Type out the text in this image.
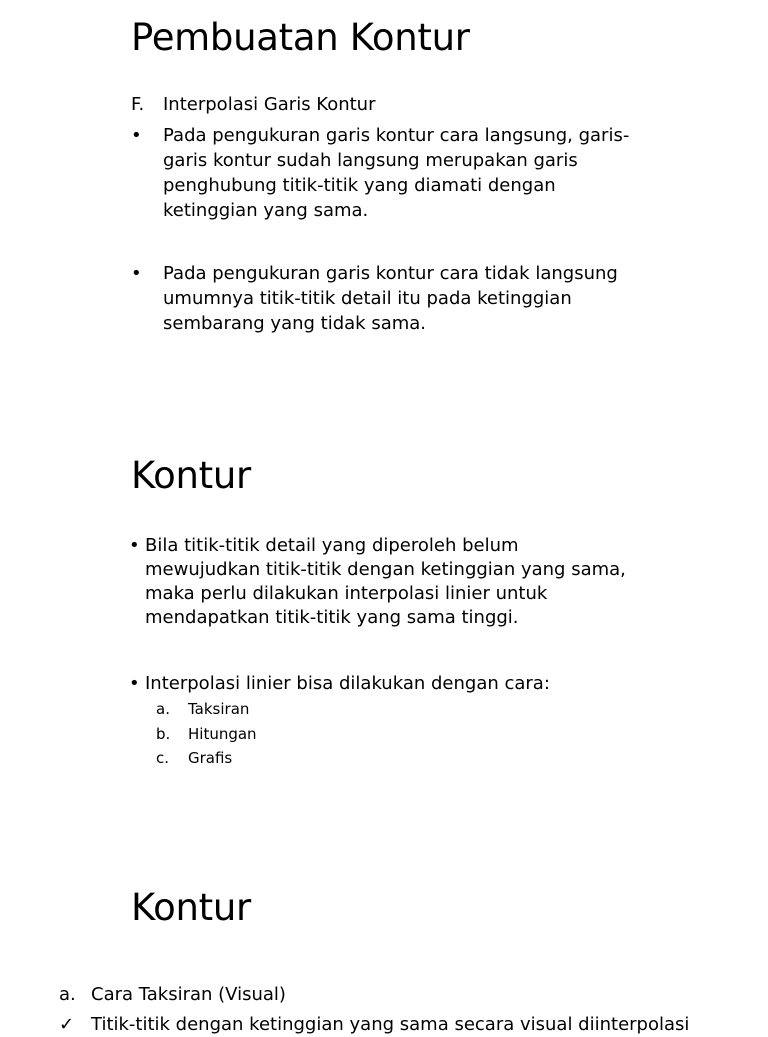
Pembuatan Kontur
F. Interpolasi Garis Kontur
• Pada pengukuran garis kontur cara langsung, garis-
garis kontur sudah langsung merupakan garis
penghubung titik-titik yang diamati dengan
ketinggian yang sama.
• Pada pengukuran garis kontur cara tidak langsung
umumnya titik-titik detail itu pada ketinggian
sembarang yang tidak sama.
Kontur
• Bila titik-titik detail yang diperoleh belum
mewujudkan titik-titik dengan ketinggian yang sama,
maka perlu dilakukan interpolasi linier untuk
mendapatkan titik-titik yang sama tinggi.
• Interpolasi linier bisa dilakukan dengan cara:
a. Taksiran
b. Hitungan
c. Grafis
Kontur
a. Cara Taksiran (Visual)
✓ Titik-titik dengan ketinggian yang sama secara visual diinterpolasi
